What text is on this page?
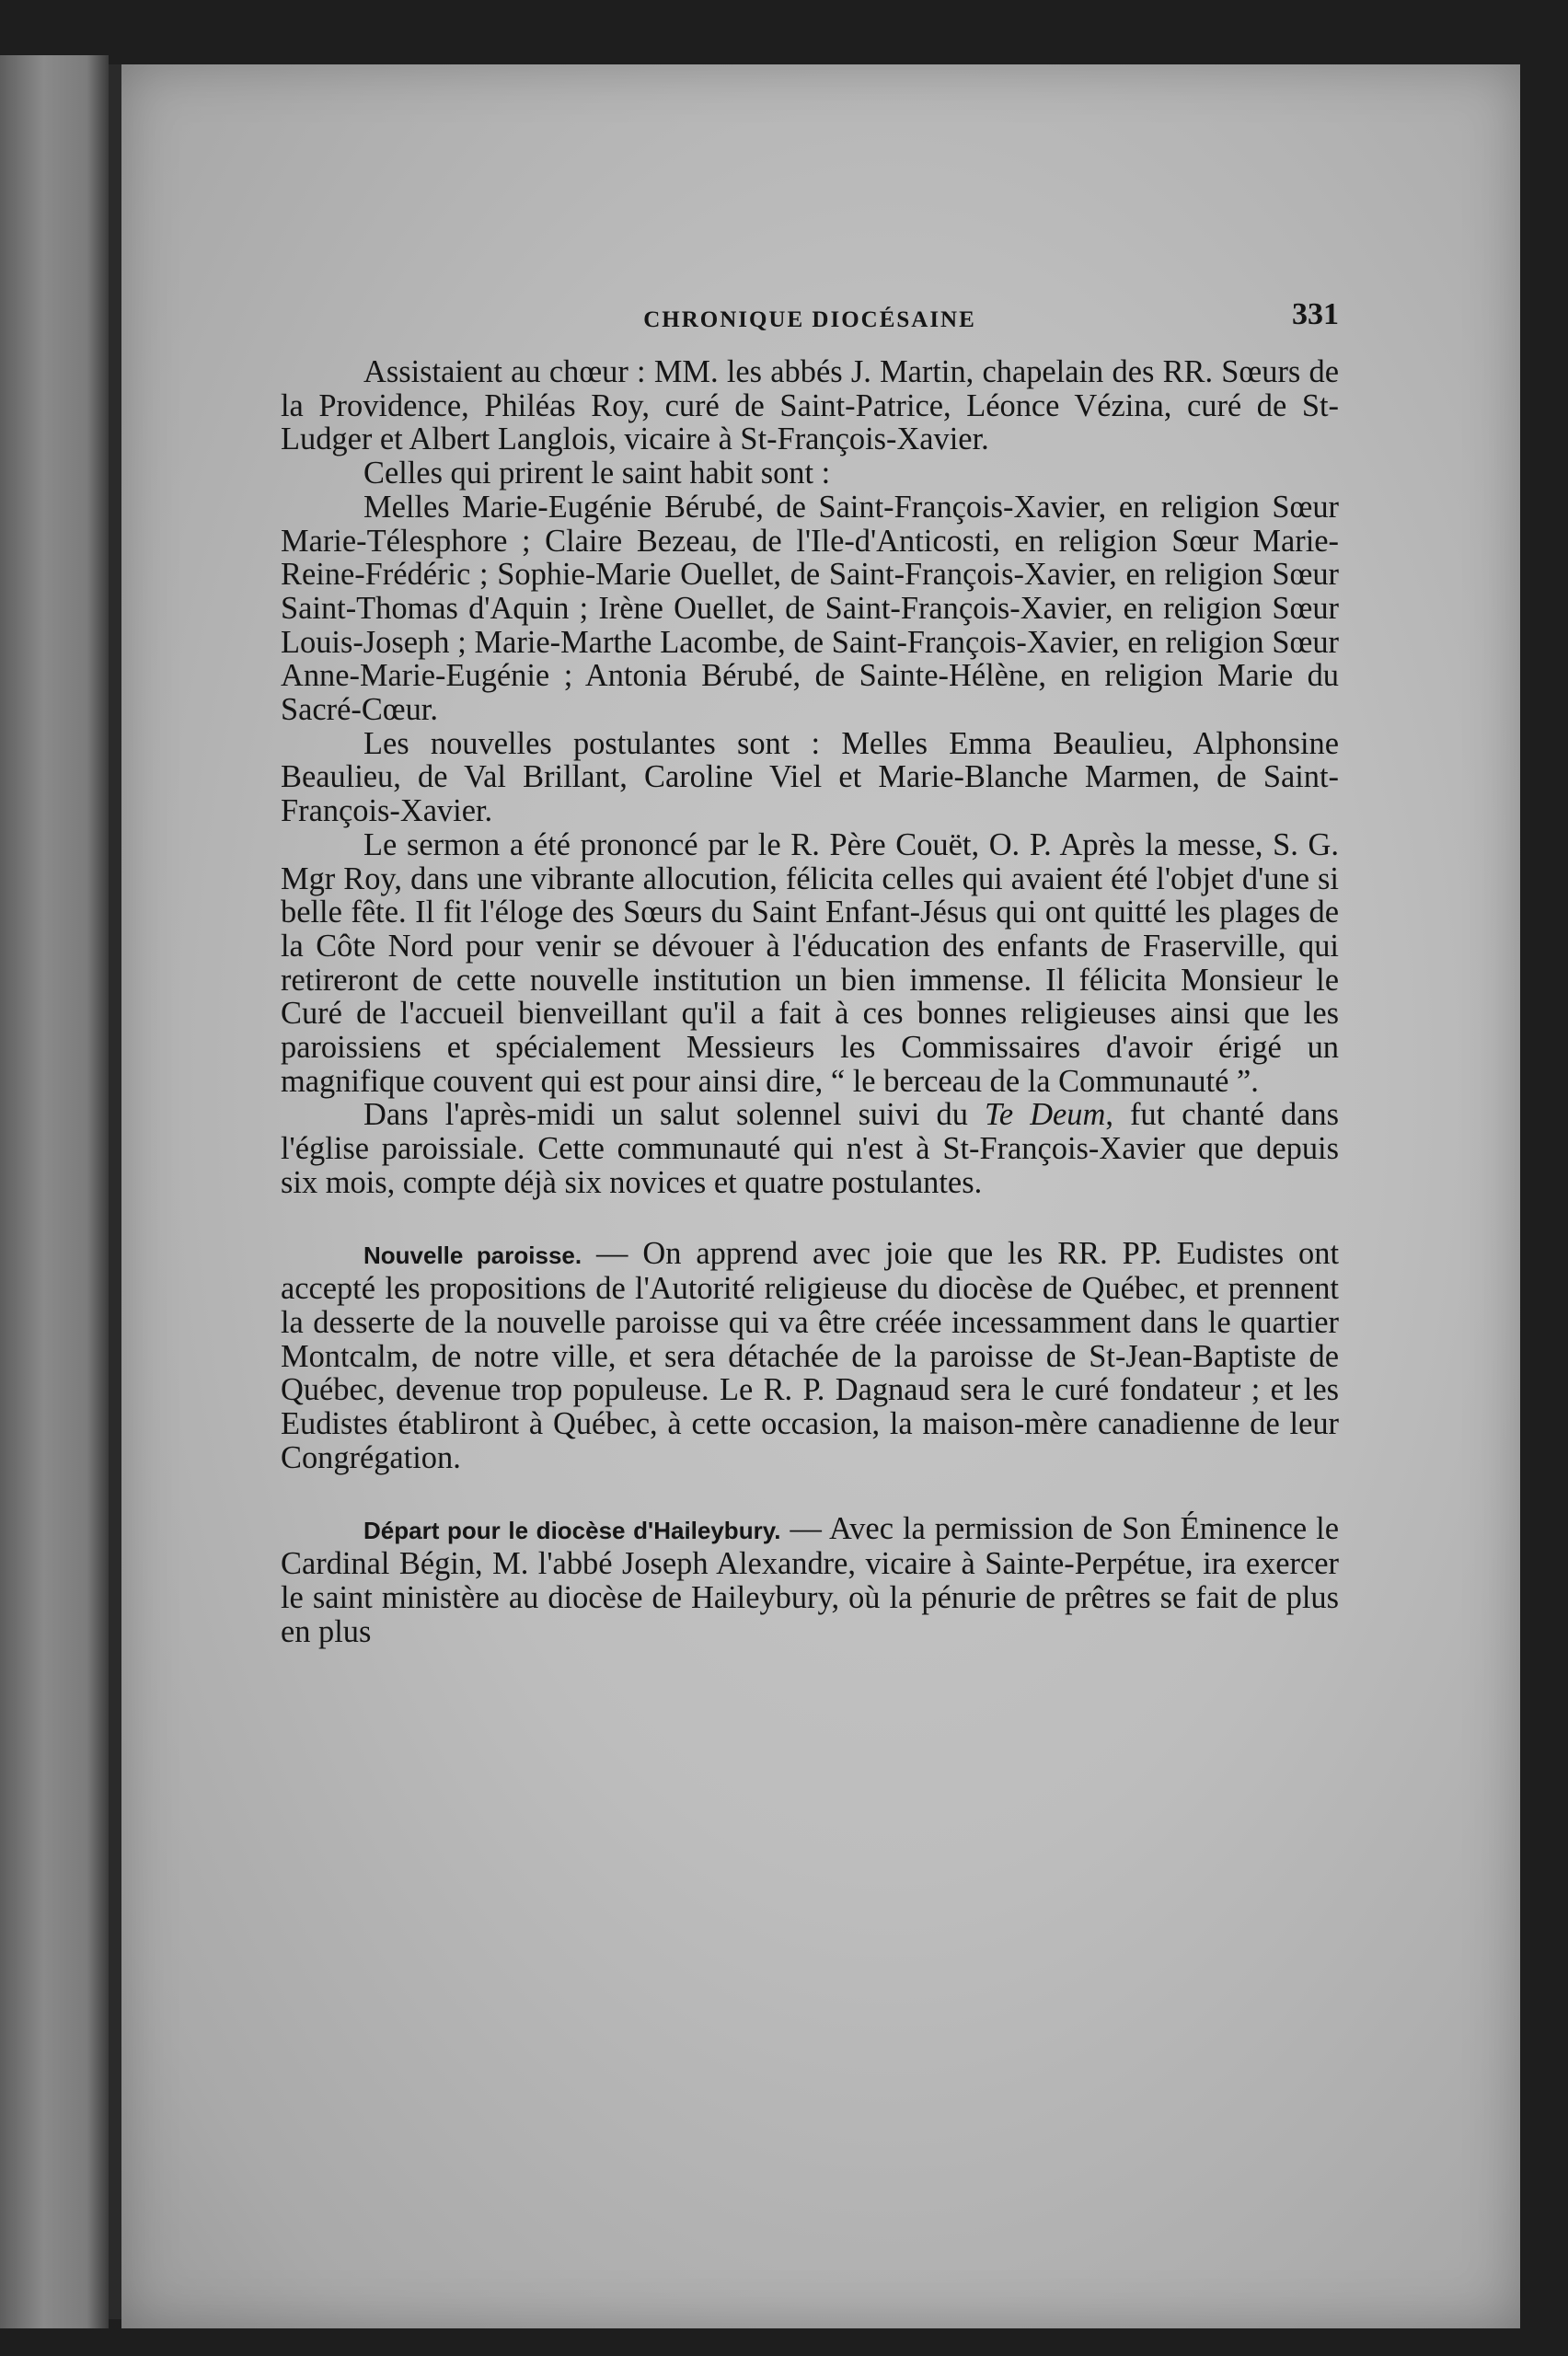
CHRONIQUE DIOCÉSAINE	331

Assistaient au chœur : MM. les abbés J. Martin, chapelain des RR. Sœurs de la Providence, Philéas Roy, curé de Saint-Patrice, Léonce Vézina, curé de St-Ludger et Albert Langlois, vicaire à St-François-Xavier.

Celles qui prirent le saint habit sont :

Melles Marie-Eugénie Bérubé, de Saint-François-Xavier, en religion Sœur Marie-Télesphore ; Claire Bezeau, de l'Ile-d'Anticosti, en religion Sœur Marie-Reine-Frédéric ; Sophie-Marie Ouellet, de Saint-François-Xavier, en religion Sœur Saint-Thomas d'Aquin ; Irène Ouellet, de Saint-François-Xavier, en religion Sœur Louis-Joseph ; Marie-Marthe Lacombe, de Saint-François-Xavier, en religion Sœur Anne-Marie-Eugénie ; Antonia Bérubé, de Sainte-Hélène, en religion Marie du Sacré-Cœur.

Les nouvelles postulantes sont : Melles Emma Beaulieu, Alphonsine Beaulieu, de Val Brillant, Caroline Viel et Marie-Blanche Marmen, de Saint-François-Xavier.

Le sermon a été prononcé par le R. Père Couët, O. P. Après la messe, S. G. Mgr Roy, dans une vibrante allocution, félicita celles qui avaient été l'objet d'une si belle fête. Il fit l'éloge des Sœurs du Saint Enfant-Jésus qui ont quitté les plages de la Côte Nord pour venir se dévouer à l'éducation des enfants de Fraserville, qui retireront de cette nouvelle institution un bien immense. Il félicita Monsieur le Curé de l'accueil bienveillant qu'il a fait à ces bonnes religieuses ainsi que les paroissiens et spécialement Messieurs les Commissaires d'avoir érigé un magnifique couvent qui est pour ainsi dire, “ le berceau de la Communauté ”.

Dans l'après-midi un salut solennel suivi du Te Deum, fut chanté dans l'église paroissiale. Cette communauté qui n'est à St-François-Xavier que depuis six mois, compte déjà six novices et quatre postulantes.

Nouvelle paroisse. — On apprend avec joie que les RR. PP. Eudistes ont accepté les propositions de l'Autorité religieuse du diocèse de Québec, et prennent la desserte de la nouvelle paroisse qui va être créée incessamment dans le quartier Montcalm, de notre ville, et sera détachée de la paroisse de St-Jean-Baptiste de Québec, devenue trop populeuse. Le R. P. Dagnaud sera le curé fondateur ; et les Eudistes établiront à Québec, à cette occasion, la maison-mère canadienne de leur Congrégation.

Départ pour le diocèse d'Haileybury. — Avec la permission de Son Éminence le Cardinal Bégin, M. l'abbé Joseph Alexandre, vicaire à Sainte-Perpétue, ira exercer le saint ministère au diocèse de Haileybury, où la pénurie de prêtres se fait de plus en plus
